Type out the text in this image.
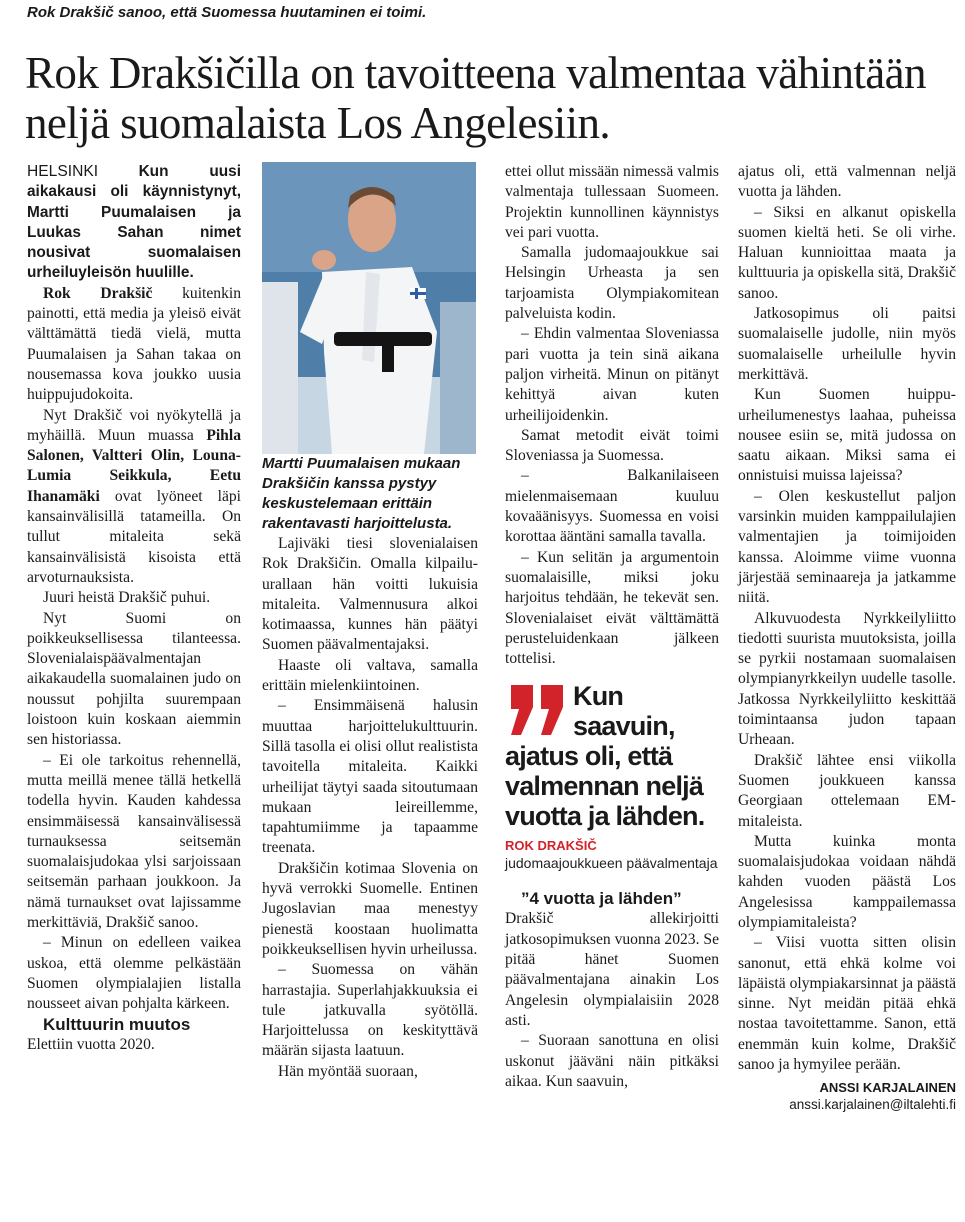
Rok Drakšič sanoo, että Suomessa huutaminen ei toimi.
Rok Drakšičilla on tavoitteena valmentaa vähintään neljä suomalaista Los Angelesiin.

HELSINKI	Kun uusi aikakausi oli käynnistynyt, Martti Puumalaisen ja Luukas Sahan nimet nousivat suomalaisen urheiluyleisön huulille.

Rok Drakšič kuitenkin painotti, että media ja yleisö eivät välttämättä tiedä vielä, mutta Puumalaisen ja Sahan takaa on nousemassa kova joukko uusia huippujudokoita.

Nyt Drakšič voi nyökytellä ja myhäillä. Muun muassa Pihla Salonen, Valtteri Olin, Louna-Lumia Seikkula, Eetu Ihanamäki ovat lyöneet läpi kansainvälisillä tatameilla. On tullut mitaleita sekä kansainvälisistä kisoista että arvoturnauksista.

Juuri heistä Drakšič puhui.

Nyt Suomi on poikkeuksellisessa tilanteessa. Slovenialaispäävalmentajan aikakaudella suomalainen judo on noussut pohjilta suurempaan loistoon kuin koskaan aiemmin sen historiassa.

– Ei ole tarkoitus rehennellä, mutta meillä menee tällä hetkellä todella hyvin. Kauden kahdessa ensimmäisessä kansainvälisessä turnauksessa seitsemän suomalaisjudokaa ylsi sarjoissaan seitsemän parhaan joukkoon. Ja nämä turnaukset ovat lajissamme merkittäviä, Drakšič sanoo.

– Minun on edelleen vaikea uskoa, että olemme pelkästään Suomen olympialajien listalla nousseet aivan pohjalta kärkeen.

Kulttuurin muutos

Elettiin vuotta 2020.

Martti Puumalaisen mukaan Drakšičin kanssa pystyy keskustelemaan erittäin rakentavasti harjoittelusta.

Lajiväki tiesi slovenialaisen Rok Drakšičin. Omalla kilpailu-urallaan hän voitti lukuisia mitaleita. Valmennusura alkoi kotimaassa, kunnes hän päätyi Suomen päävalmentajaksi.

Haaste oli valtava, samalla erittäin mielenkiintoinen.

– Ensimmäisenä halusin muuttaa harjoittelukulttuurin. Sillä tasolla ei olisi ollut realistista tavoitella mitaleita. Kaikki urheilijat täytyi saada sitoutumaan mukaan leireillemme, tapahtumiimme ja tapaamme treenata.

Drakšičin kotimaa Slovenia on hyvä verrokki Suomelle. Entinen Jugoslavian maa menestyy pienestä koostaan huolimatta poikkeuksellisen hyvin urheilussa.

– Suomessa on vähän harrastajia. Superlahjakkuuksia ei tule jatkuvalla syötöllä. Harjoittelussa on keskityttävä määrän sijasta laatuun.

Hän myöntää suoraan,

ettei ollut missään nimessä valmis valmentaja tullessaan Suomeen. Projektin kunnollinen käynnistys vei pari vuotta.

Samalla judomaajoukkue sai Helsingin Urheasta ja sen tarjoamista Olympiakomitean palveluista kodin.

– Ehdin valmentaa Sloveniassa pari vuotta ja tein sinä aikana paljon virheitä. Minun on pitänyt kehittyä aivan kuten urheilijoidenkin.

Samat metodit eivät toimi Sloveniassa ja Suomessa.

– Balkanilaiseen mielenmaisemaan kuuluu kovaäänisyys. Suomessa en voisi korottaa ääntäni samalla tavalla.

– Kun selitän ja argumentoin suomalaisille, miksi joku harjoitus tehdään, he tekevät sen. Slovenialaiset eivät välttämättä perusteluidenkaan jälkeen tottelisi.

Kun saavuin,
ajatus oli, että valmennan neljä vuotta ja lähden.
ROK DRAKŠIČ
judomaajoukkueen päävalmentaja

”4 vuotta ja lähden”

Drakšič allekirjoitti jatkosopimuksen vuonna 2023. Se pitää hänet Suomen päävalmentajana ainakin Los Angelesin olympialaisiin 2028 asti.

– Suoraan sanottuna en olisi uskonut jääväni näin pitkäksi aikaa. Kun saavuin,

ajatus oli, että valmennan neljä vuotta ja lähden.

– Siksi en alkanut opiskella suomen kieltä heti. Se oli virhe. Haluan kunnioittaa maata ja kulttuuria ja opiskella sitä, Drakšič sanoo.

Jatkosopimus oli paitsi suomalaiselle judolle, niin myös suomalaiselle urheilulle hyvin merkittävä.

Kun Suomen huippu-urheilumenestys laahaa, puheissa nousee esiin se, mitä judossa on saatu aikaan. Miksi sama ei onnistuisi muissa lajeissa?

– Olen keskustellut paljon varsinkin muiden kamppailulajien valmentajien ja toimijoiden kanssa. Aloimme viime vuonna järjestää seminaareja ja jatkamme niitä.

Alkuvuodesta Nyrkkeilyliitto tiedotti suurista muutoksista, joilla se pyrkii nostamaan suomalaisen olympianyrkkeilyn uudelle tasolle. Jatkossa Nyrkkeilyliitto keskittää toimintaansa judon tapaan Urheaan.

Drakšič lähtee ensi viikolla Suomen joukkueen kanssa Georgiaan ottelemaan EM-mitaleista.

Mutta kuinka monta suomalaisjudokaa voidaan nähdä kahden vuoden päästä Los Angelesissa kamppailemassa olympiamitaleista?

– Viisi vuotta sitten olisin sanonut, että ehkä kolme voi läpäistä olympiakarsinnat ja päästä sinne. Nyt meidän pitää ehkä nostaa tavoitettamme. Sanon, että enemmän kuin kolme, Drakšič sanoo ja hymyilee perään.

ANSSI KARJALAINEN
anssi.karjalainen@iltalehti.fi
